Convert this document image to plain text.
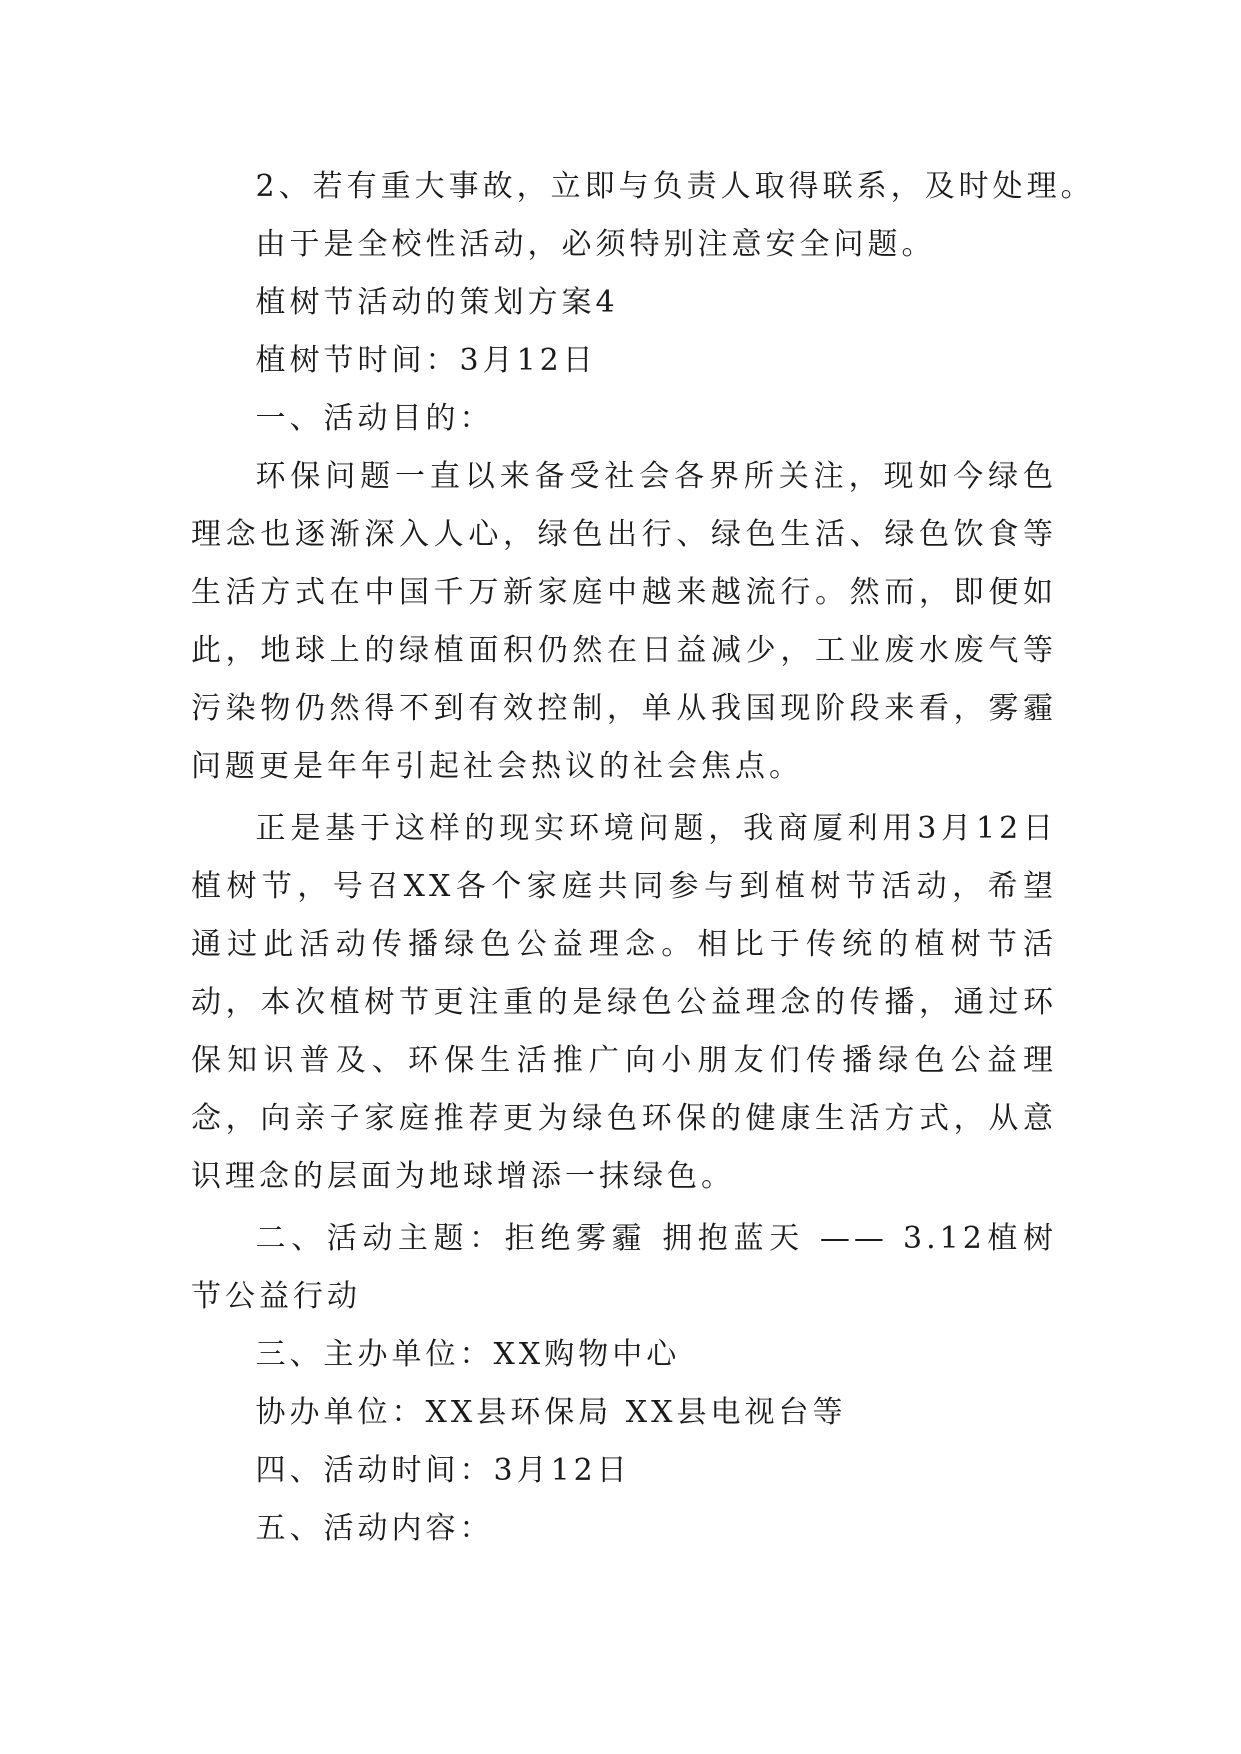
2、若有重大事故，立即与负责人取得联系，及时处理。

由于是全校性活动，必须特别注意安全问题。

植树节活动的策划方案4

植树节时间：3月12日

一、活动目的：

环保问题一直以来备受社会各界所关注，现如今绿色理念也逐渐深入人心，绿色出行、绿色生活、绿色饮食等生活方式在中国千万新家庭中越来越流行。然而，即便如此，地球上的绿植面积仍然在日益减少，工业废水废气等污染物仍然得不到有效控制，单从我国现阶段来看，雾霾问题更是年年引起社会热议的社会焦点。

正是基于这样的现实环境问题，我商厦利用3月12日植树节，号召XX各个家庭共同参与到植树节活动，希望通过此活动传播绿色公益理念。相比于传统的植树节活动，本次植树节更注重的是绿色公益理念的传播，通过环保知识普及、环保生活推广向小朋友们传播绿色公益理念，向亲子家庭推荐更为绿色环保的健康生活方式，从意识理念的层面为地球增添一抹绿色。

二、活动主题：拒绝雾霾 拥抱蓝天 —— 3.12植树节公益行动

三、主办单位：XX购物中心

协办单位：XX县环保局 XX县电视台等

四、活动时间：3月12日

五、活动内容：
